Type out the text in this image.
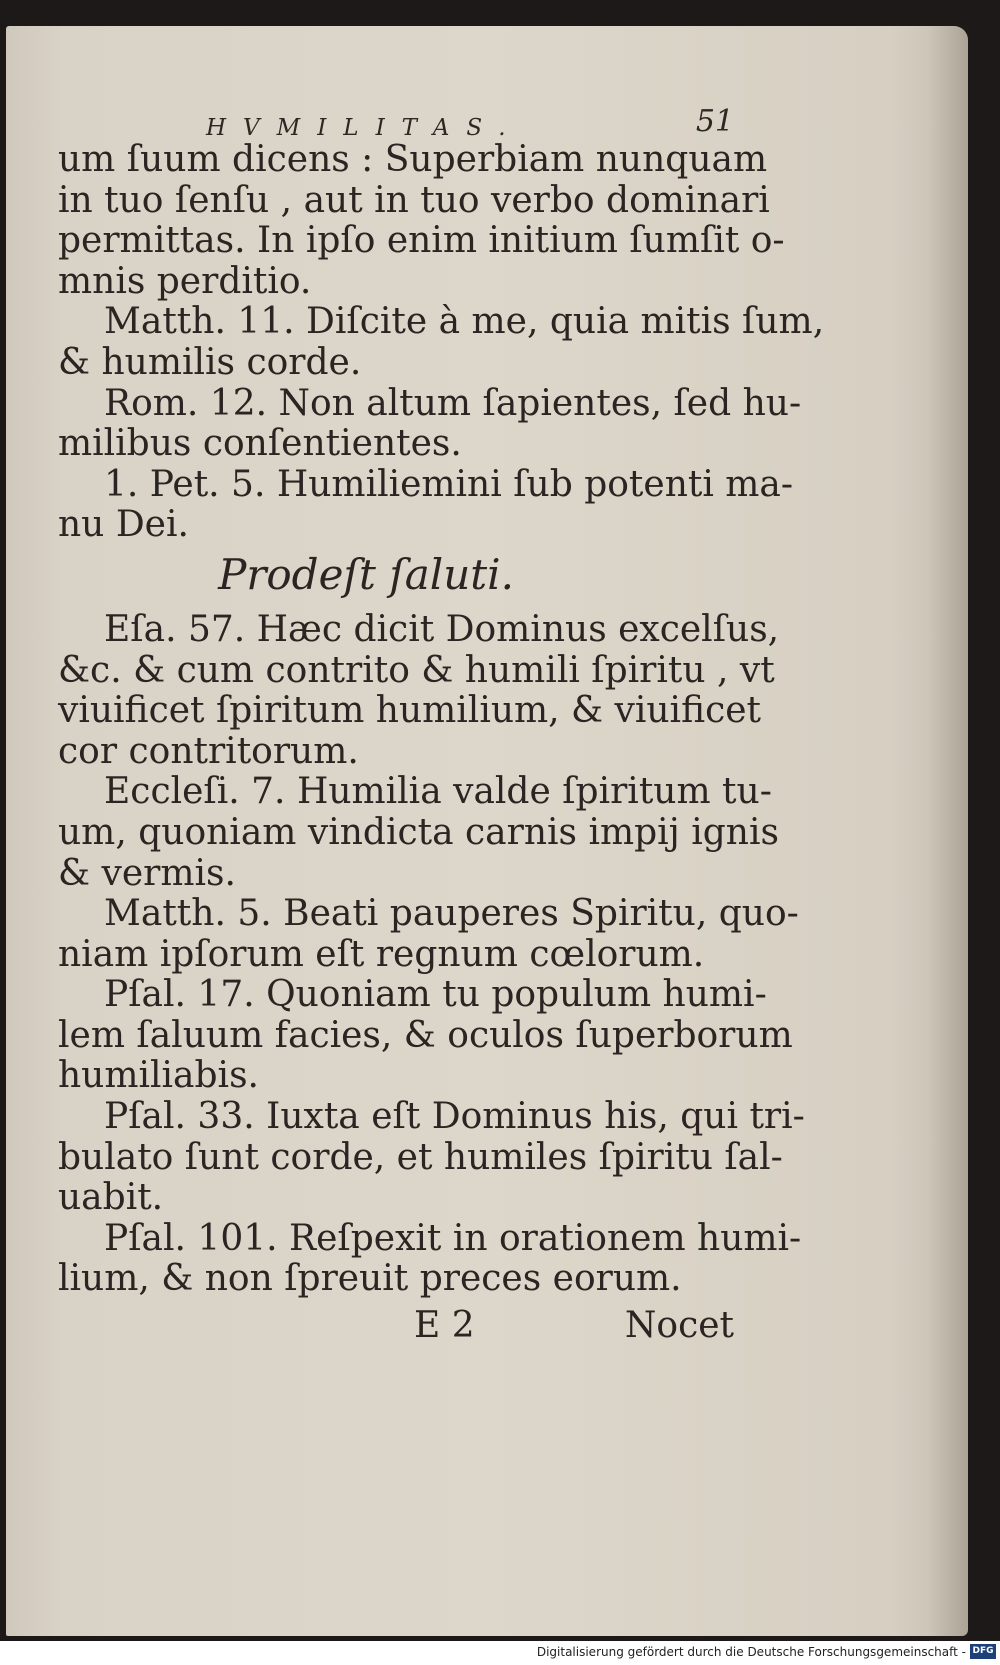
HVMILITAS.	51
um ſuum dicens : Superbiam nunquam
in tuo ſenſu , aut in tuo verbo dominari
permittas. In ipſo enim initium ſumſit o-
mnis perditio.
Matth. 11. Diſcite à me, quia mitis ſum,
& humilis corde.
Rom. 12. Non altum ſapientes, ſed hu-
milibus conſentientes.
1. Pet. 5. Humiliemini ſub potenti ma-
nu Dei.
Prodeſt ſaluti.
Eſa. 57. Hæc dicit Dominus excelſus,
&c. & cum contrito & humili ſpiritu , vt
viuificet ſpiritum humilium, & viuificet
cor contritorum.
Eccleſi. 7. Humilia valde ſpiritum tu-
um, quoniam vindicta carnis impij ignis
& vermis.
Matth. 5. Beati pauperes Spiritu, quo-
niam ipſorum eſt regnum cœlorum.
Pſal. 17. Quoniam tu populum humi-
lem ſaluum facies, & oculos ſuperborum
humiliabis.
Pſal. 33. Iuxta eſt Dominus his, qui tri-
bulato ſunt corde, et humiles ſpiritu ſal-
uabit.
Pſal. 101. Reſpexit in orationem humi-
lium, & non ſpreuit preces eorum.
E 2	Nocet
Digitalisierung gefördert durch die Deutsche Forschungsgemeinschaft - DFG
